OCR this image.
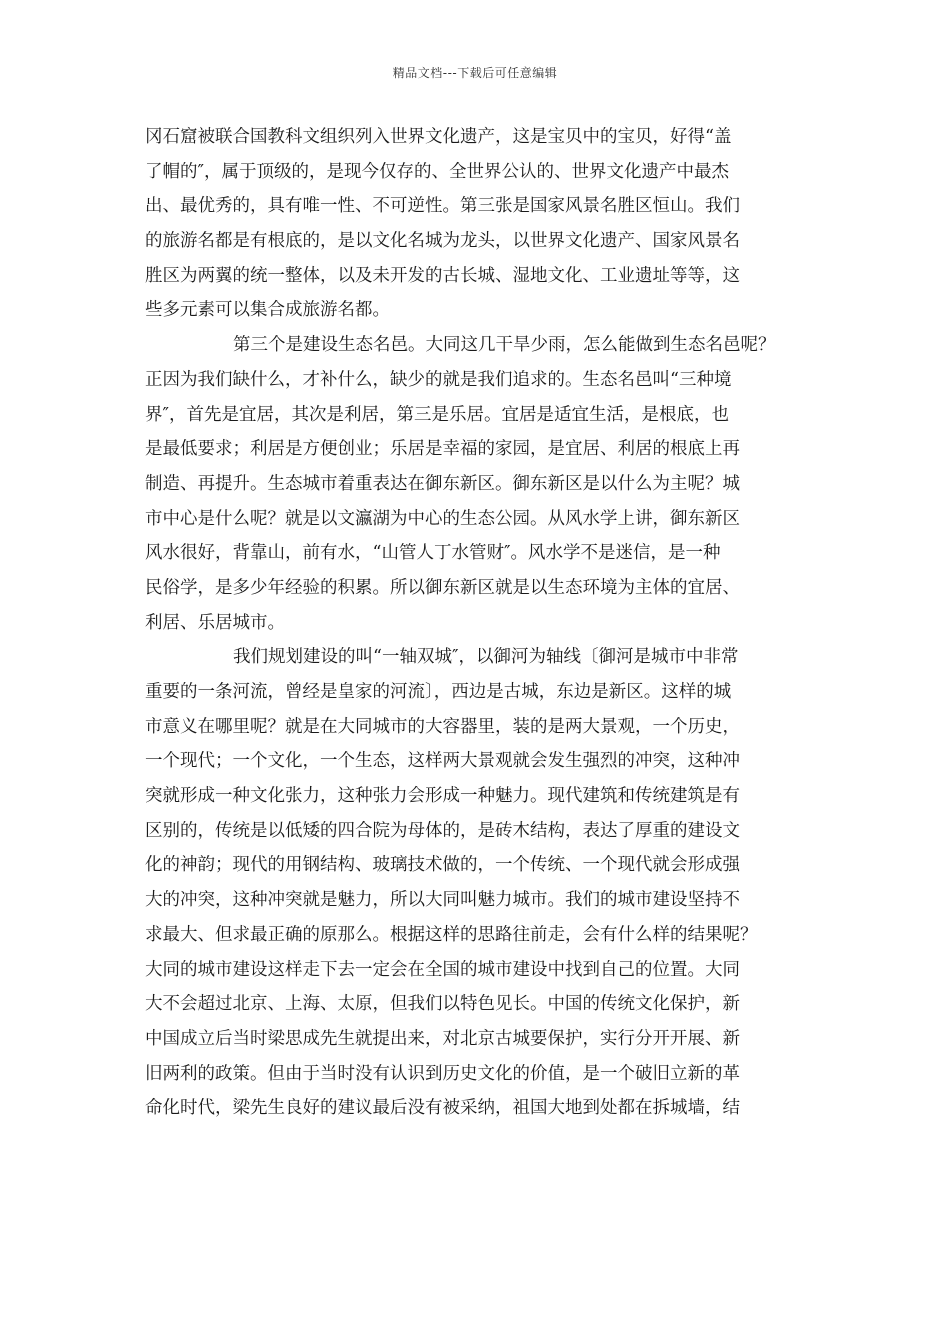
精品文档---下载后可任意编辑
冈石窟被联合国教科文组织列入世界文化遗产，这是宝贝中的宝贝，好得“盖
了帽的″，属于顶级的，是现今仅存的、全世界公认的、世界文化遗产中最杰
出、最优秀的，具有唯一性、不可逆性。第三张是国家风景名胜区恒山。我们
的旅游名都是有根底的，是以文化名城为龙头，以世界文化遗产、国家风景名
胜区为两翼的统一整体，以及未开发的古长城、湿地文化、工业遗址等等，这
些多元素可以集合成旅游名都。
第三个是建设生态名邑。大同这几干旱少雨，怎么能做到生态名邑呢？
正因为我们缺什么，才补什么，缺少的就是我们追求的。生态名邑叫“三种境
界″，首先是宜居，其次是利居，第三是乐居。宜居是适宜生活，是根底，也
是最低要求；利居是方便创业；乐居是幸福的家园，是宜居、利居的根底上再
制造、再提升。生态城市着重表达在御东新区。御东新区是以什么为主呢？城
市中心是什么呢？就是以文瀛湖为中心的生态公园。从风水学上讲，御东新区
风水很好，背靠山，前有水，“山管人丁水管财″。风水学不是迷信，是一种
民俗学，是多少年经验的积累。所以御东新区就是以生态环境为主体的宜居、
利居、乐居城市。
我们规划建设的叫“一轴双城″，以御河为轴线〔御河是城市中非常
重要的一条河流，曾经是皇家的河流〕，西边是古城，东边是新区。这样的城
市意义在哪里呢？就是在大同城市的大容器里，装的是两大景观，一个历史，
一个现代；一个文化，一个生态，这样两大景观就会发生强烈的冲突，这种冲
突就形成一种文化张力，这种张力会形成一种魅力。现代建筑和传统建筑是有
区别的，传统是以低矮的四合院为母体的，是砖木结构，表达了厚重的建设文
化的神韵；现代的用钢结构、玻璃技术做的，一个传统、一个现代就会形成强
大的冲突，这种冲突就是魅力，所以大同叫魅力城市。我们的城市建设坚持不
求最大、但求最正确的原那么。根据这样的思路往前走，会有什么样的结果呢？
大同的城市建设这样走下去一定会在全国的城市建设中找到自己的位置。大同
大不会超过北京、上海、太原，但我们以特色见长。中国的传统文化保护，新
中国成立后当时梁思成先生就提出来，对北京古城要保护，实行分开开展、新
旧两利的政策。但由于当时没有认识到历史文化的价值，是一个破旧立新的革
命化时代，梁先生良好的建议最后没有被采纳，祖国大地到处都在拆城墙，结
